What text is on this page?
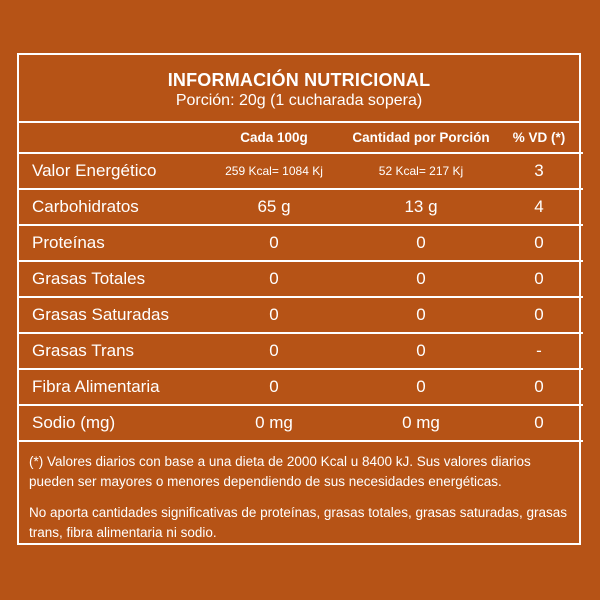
INFORMACIÓN NUTRICIONAL
Porción: 20g (1 cucharada sopera)
	Cada 100g	Cantidad por Porción	% VD (*)
Valor Energético	259 Kcal= 1084 Kj	52 Kcal= 217 Kj	3
Carbohidratos	65 g	13 g	4
Proteínas	0	0	0
Grasas Totales	0	0	0
Grasas Saturadas	0	0	0
Grasas Trans	0	0	-
Fibra Alimentaria	0	0	0
Sodio (mg)	0 mg	0 mg	0

(*) Valores diarios con base a una dieta de 2000 Kcal u 8400 kJ. Sus valores diarios pueden ser mayores o menores dependiendo de sus necesidades energéticas.

No aporta cantidades significativas de proteínas, grasas totales, grasas saturadas, grasas trans, fibra alimentaria ni sodio.
